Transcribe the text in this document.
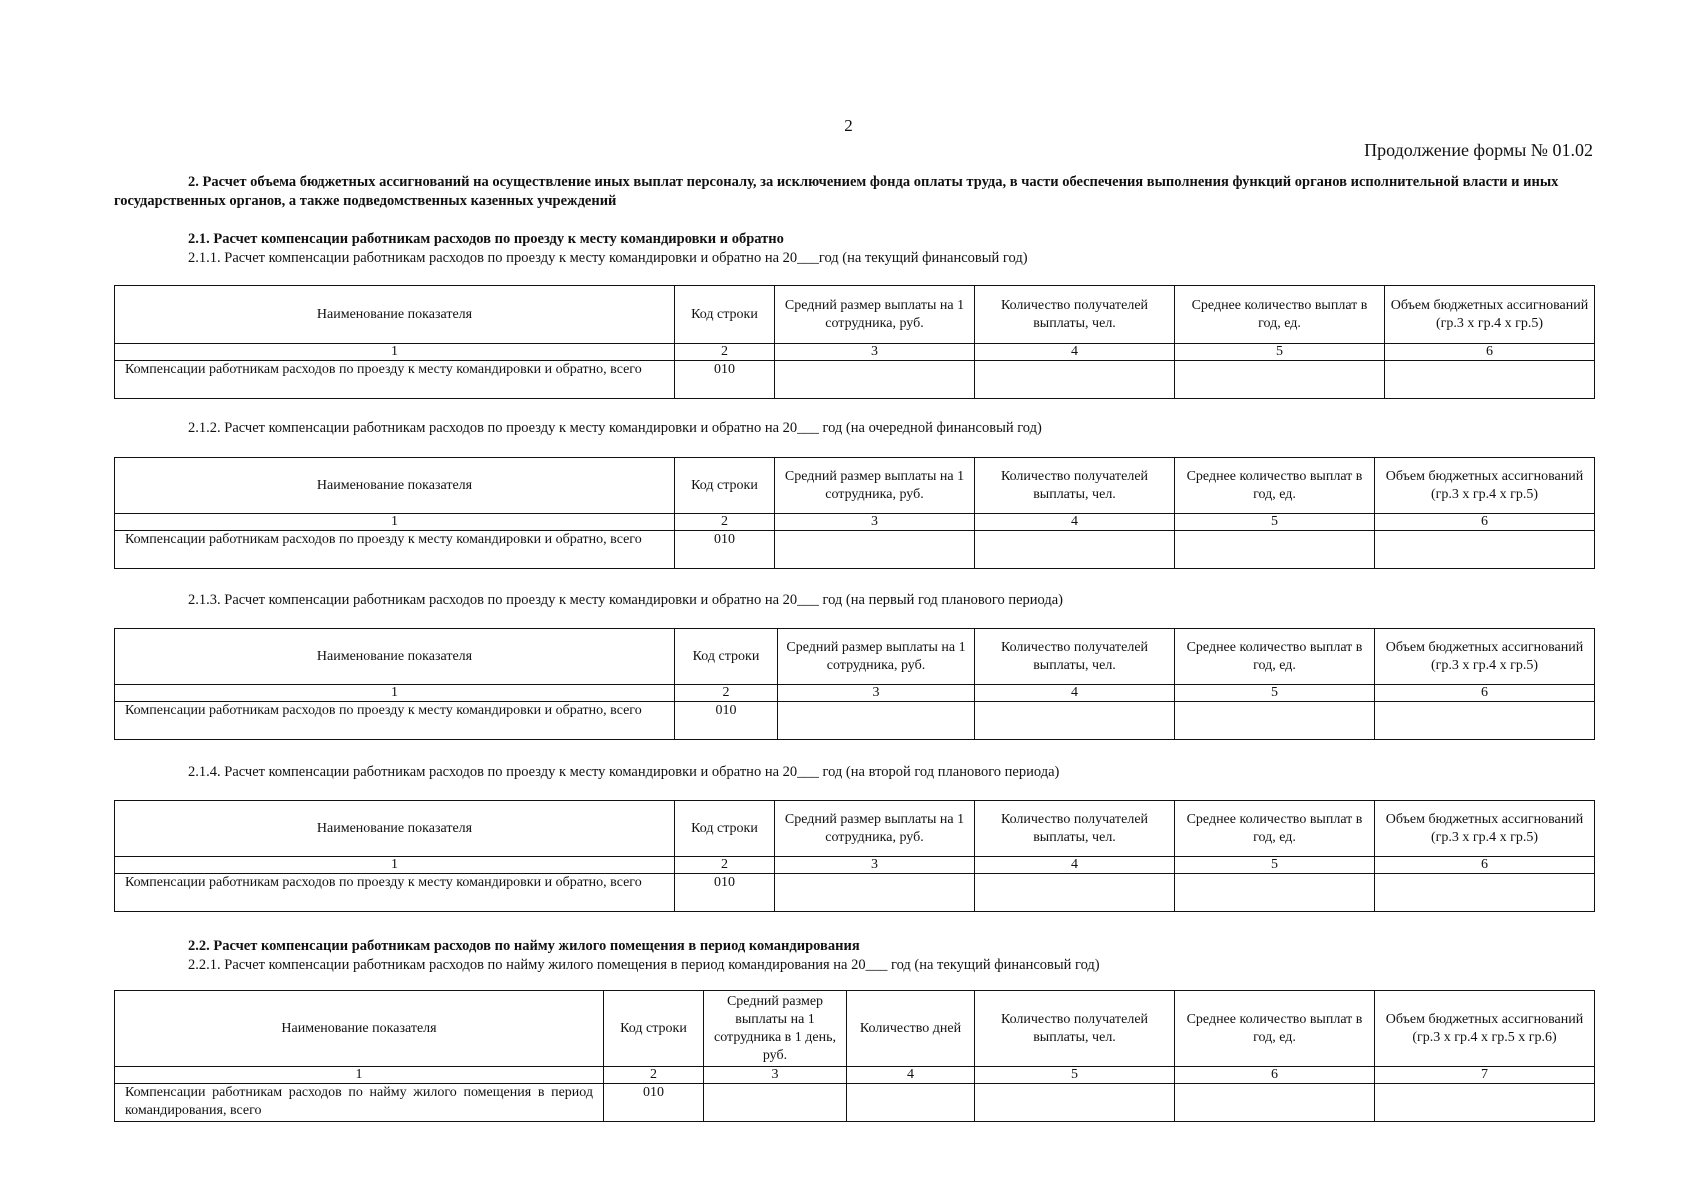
2
Продолжение формы № 01.02
2. Расчет объема бюджетных ассигнований на осуществление иных выплат персоналу, за исключением фонда оплаты труда, в части обеспечения выполнения функций органов исполнительной власти и иных государственных органов, а также подведомственных казенных учреждений
2.1. Расчет компенсации работникам расходов по проезду к месту командировки и обратно
2.1.1. Расчет компенсации работникам расходов по проезду к месту командировки и обратно на 20___год (на текущий финансовый год)
Наименование показателя	Код строки	Средний размер выплаты на 1 сотрудника, руб.	Количество получателей выплаты, чел.	Среднее количество выплат в год, ед.	Объем бюджетных ассигнований (гр.3 х гр.4 х гр.5)
1	2	3	4	5	6
Компенсации работникам расходов по проезду к месту командировки и обратно, всего	010				
2.1.2. Расчет компенсации работникам расходов по проезду к месту командировки и обратно на 20___ год (на очередной финансовый год)
Наименование показателя	Код строки	Средний размер выплаты на 1 сотрудника, руб.	Количество получателей выплаты, чел.	Среднее количество выплат в год, ед.	Объем бюджетных ассигнований (гр.3 х гр.4 х гр.5)
1	2	3	4	5	6
Компенсации работникам расходов по проезду к месту командировки и обратно, всего	010				
2.1.3. Расчет компенсации работникам расходов по проезду к месту командировки и обратно на 20___ год (на первый год планового периода)
Наименование показателя	Код строки	Средний размер выплаты на 1 сотрудника, руб.	Количество получателей выплаты, чел.	Среднее количество выплат в год, ед.	Объем бюджетных ассигнований (гр.3 х гр.4 х гр.5)
1	2	3	4	5	6
Компенсации работникам расходов по проезду к месту командировки и обратно, всего	010				
2.1.4. Расчет компенсации работникам расходов по проезду к месту командировки и обратно на 20___ год (на второй год планового периода)
Наименование показателя	Код строки	Средний размер выплаты на 1 сотрудника, руб.	Количество получателей выплаты, чел.	Среднее количество выплат в год, ед.	Объем бюджетных ассигнований (гр.3 х гр.4 х гр.5)
1	2	3	4	5	6
Компенсации работникам расходов по проезду к месту командировки и обратно, всего	010				
2.2. Расчет компенсации работникам расходов по найму жилого помещения в период командирования
2.2.1. Расчет компенсации работникам расходов по найму жилого помещения в период командирования на 20___ год (на текущий финансовый год)
Наименование показателя	Код строки	Средний размер выплаты на 1 сотрудника в 1 день, руб.	Количество дней	Количество получателей выплаты, чел.	Среднее количество выплат в год, ед.	Объем бюджетных ассигнований (гр.3 х гр.4 х гр.5 х гр.6)
1	2	3	4	5	6	7
Компенсации работникам расходов по найму жилого помещения в период командирования, всего	010					
